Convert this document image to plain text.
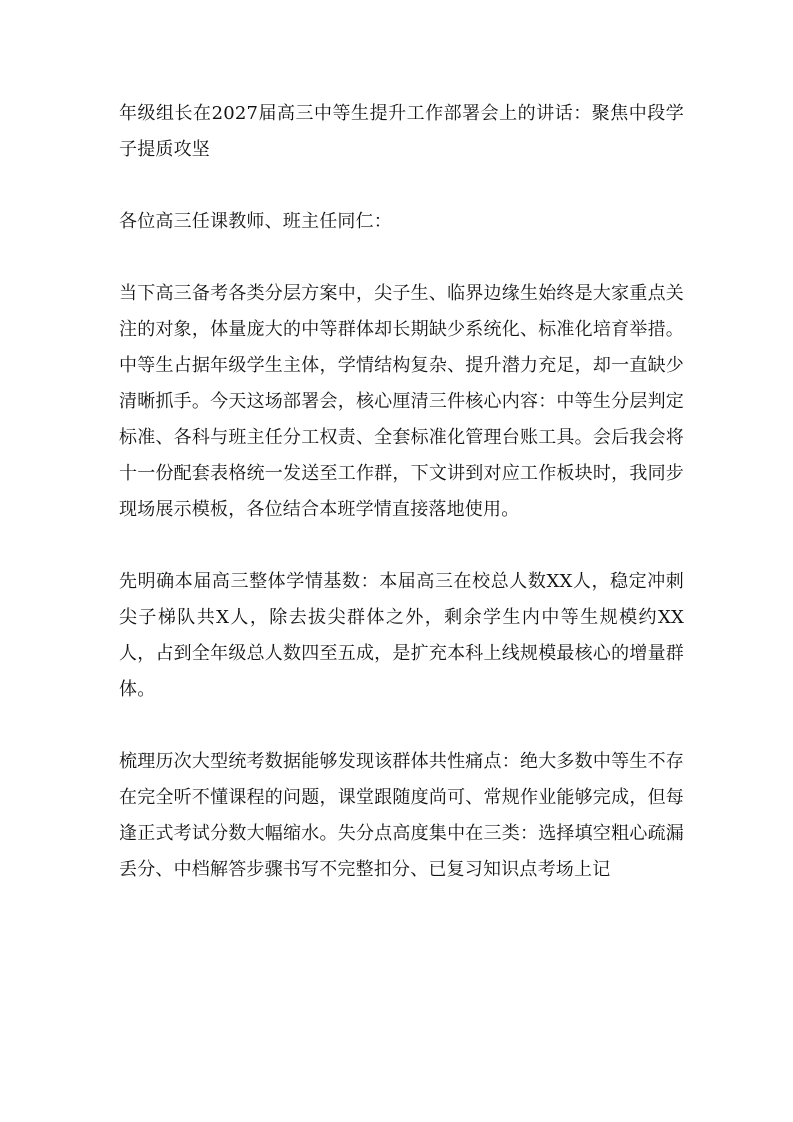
年级组长在2027届高三中等生提升工作部署会上的讲话：聚焦中段学子提质攻坚

各位高三任课教师、班主任同仁：

当下高三备考各类分层方案中，尖子生、临界边缘生始终是大家重点关注的对象，体量庞大的中等群体却长期缺少系统化、标准化培育举措。中等生占据年级学生主体，学情结构复杂、提升潜力充足，却一直缺少清晰抓手。今天这场部署会，核心厘清三件核心内容：中等生分层判定标准、各科与班主任分工权责、全套标准化管理台账工具。会后我会将十一份配套表格统一发送至工作群，下文讲到对应工作板块时，我同步现场展示模板，各位结合本班学情直接落地使用。

先明确本届高三整体学情基数：本届高三在校总人数XX人，稳定冲刺尖子梯队共X人，除去拔尖群体之外，剩余学生内中等生规模约XX人，占到全年级总人数四至五成，是扩充本科上线规模最核心的增量群体。

梳理历次大型统考数据能够发现该群体共性痛点：绝大多数中等生不存在完全听不懂课程的问题，课堂跟随度尚可、常规作业能够完成，但每逢正式考试分数大幅缩水。失分点高度集中在三类：选择填空粗心疏漏丢分、中档解答步骤书写不完整扣分、已复习知识点考场上记
